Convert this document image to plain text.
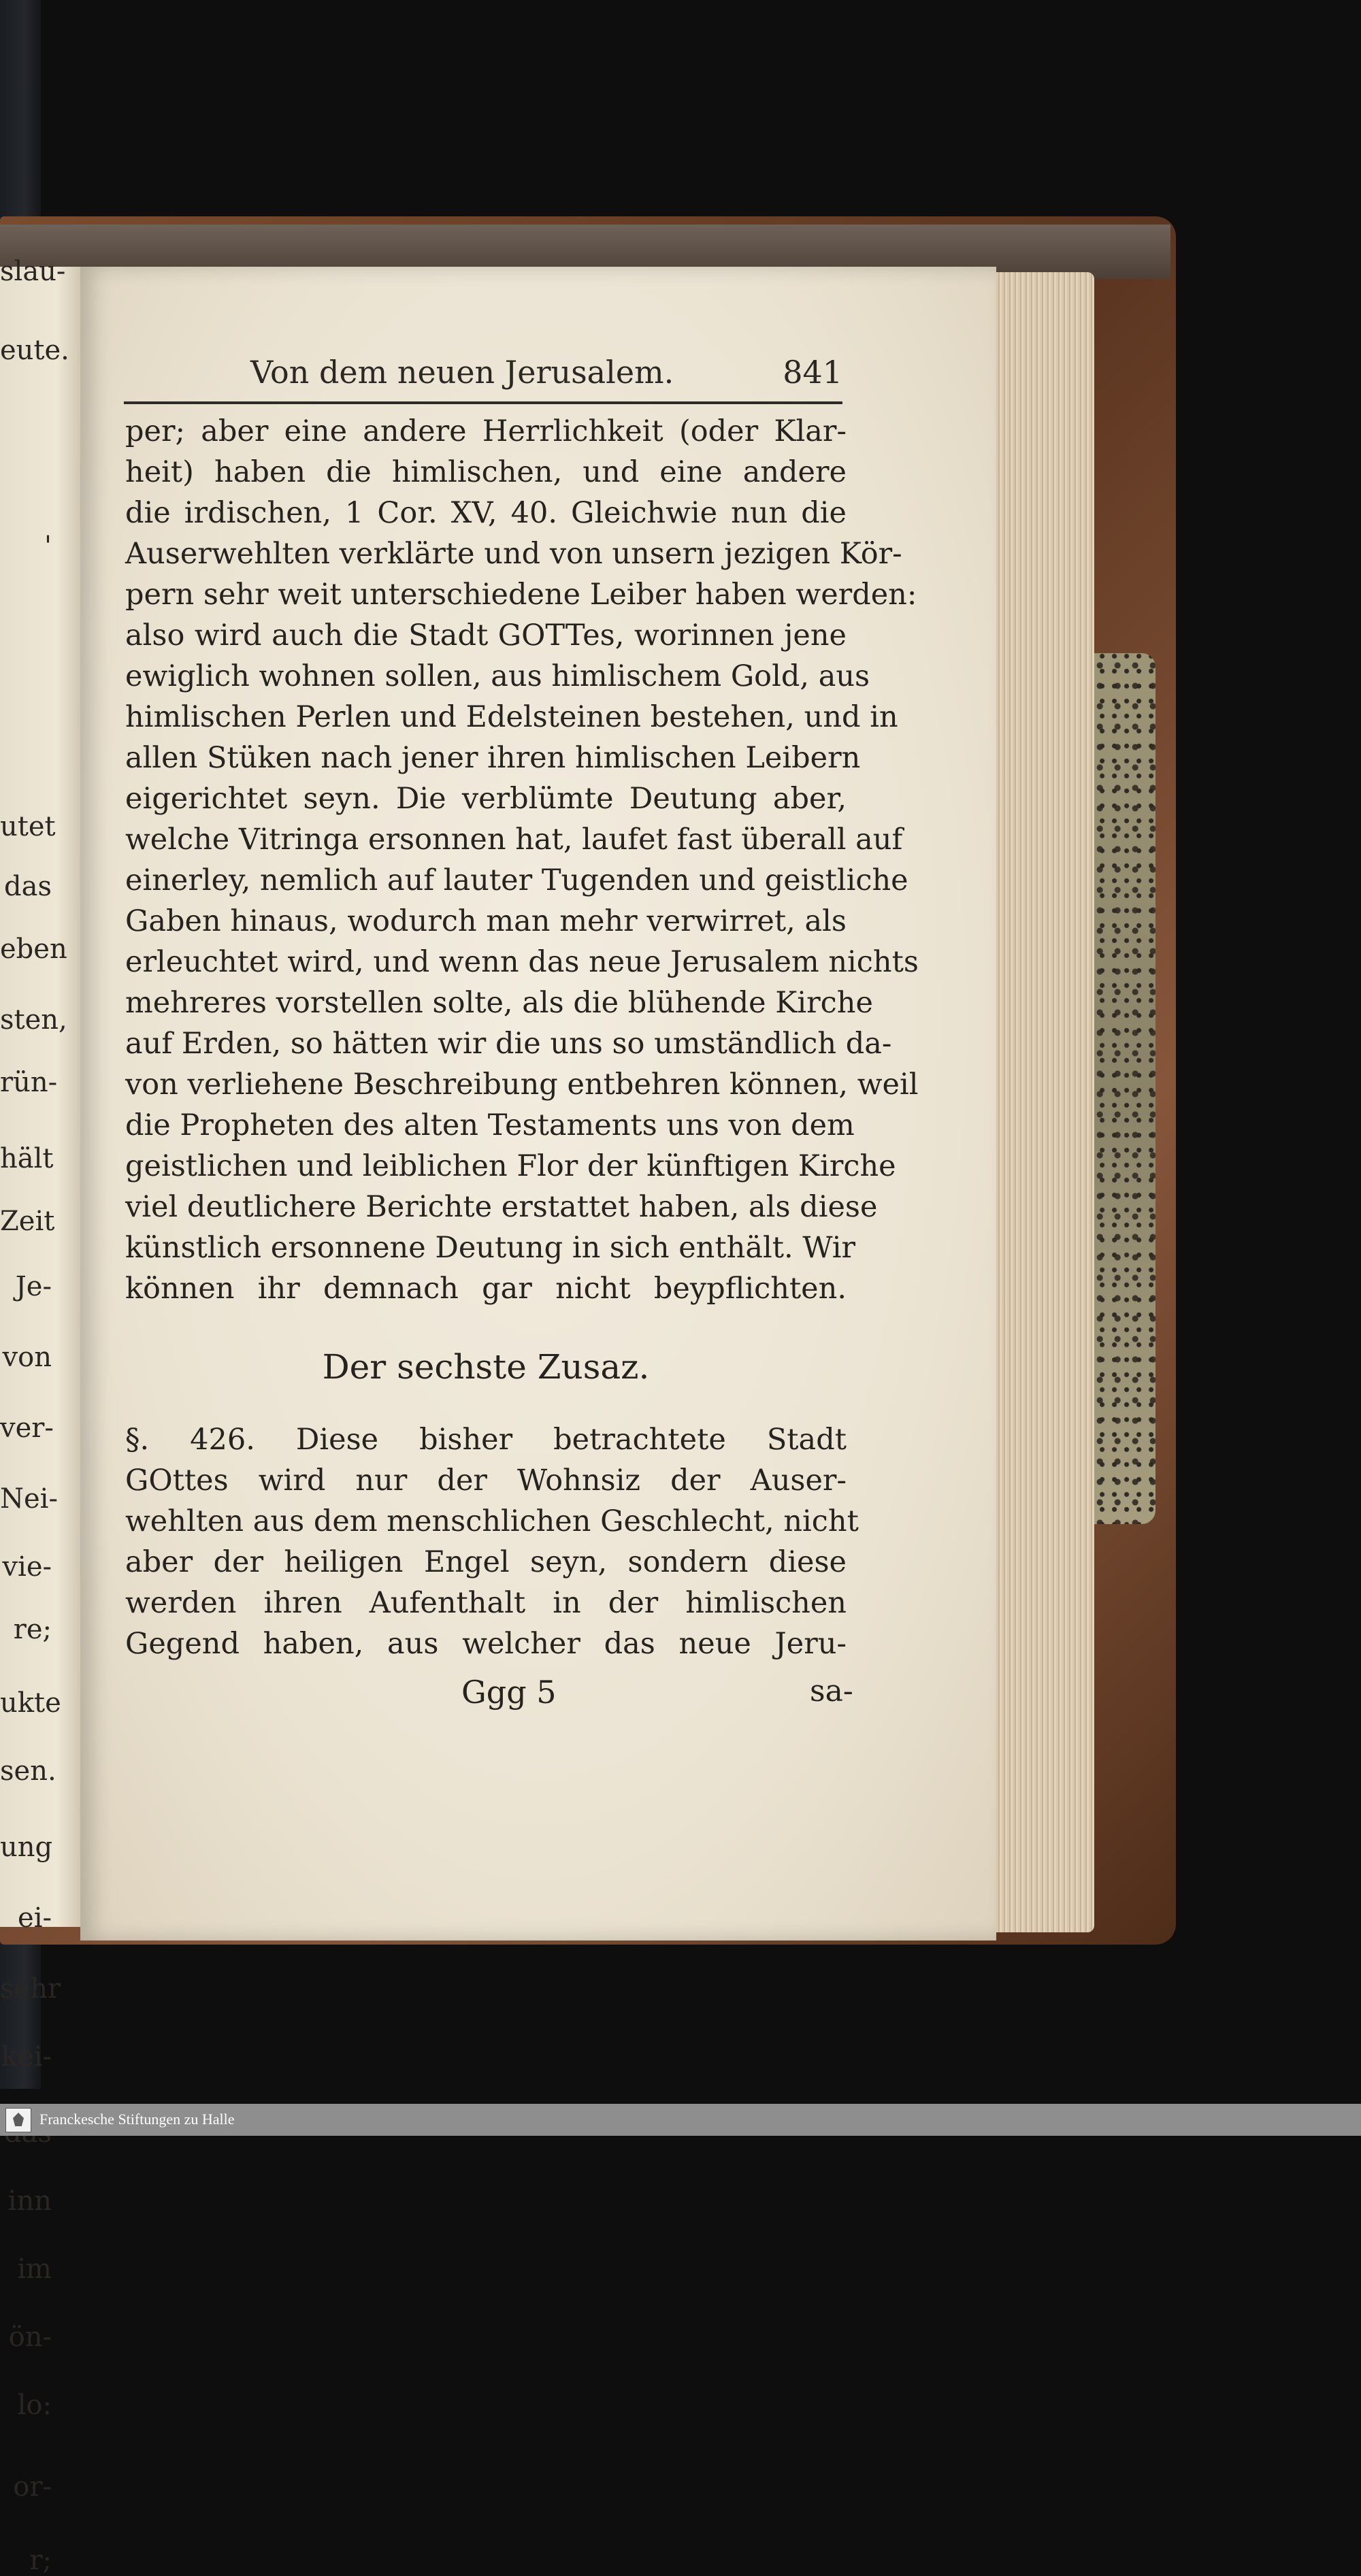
slau-
eute.
'
utet
das
eben
sten,
rün-
hält
Zeit
Je-
von
ver-
Nei-
vie-
re;
ukte
sen.
ung
ei-
sehr
kei-
inn
im
ön-
lo:
or-
r;
Von dem neuen Jerusalem.	841
per; aber eine andere Herrlichkeit (oder Klar-
heit) haben die himlischen, und eine andere
die irdischen, 1 Cor. XV, 40. Gleichwie nun die
Auserwehlten verklärte und von unsern jezigen Kör-
pern sehr weit unterschiedene Leiber haben werden:
also wird auch die Stadt GOTTes, worinnen jene
ewiglich wohnen sollen, aus himlischem Gold, aus
himlischen Perlen und Edelsteinen bestehen, und in
allen Stüken nach jener ihren himlischen Leibern
eigerichtet seyn. Die verblümte Deutung aber,
welche Vitringa ersonnen hat, laufet fast überall auf
einerley, nemlich auf lauter Tugenden und geistliche
Gaben hinaus, wodurch man mehr verwirret, als
erleuchtet wird, und wenn das neue Jerusalem nichts
mehreres vorstellen solte, als die blühende Kirche
auf Erden, so hätten wir die uns so umständlich da-
von verliehene Beschreibung entbehren können, weil
die Propheten des alten Testaments uns von dem
geistlichen und leiblichen Flor der künftigen Kirche
viel deutlichere Berichte erstattet haben, als diese
künstlich ersonnene Deutung in sich enthält. Wir
können ihr demnach gar nicht beypflichten.
Der sechste Zusaz.
§. 426. Diese bisher betrachtete Stadt
GOttes wird nur der Wohnsiz der Auser-
wehlten aus dem menschlichen Geschlecht, nicht
aber der heiligen Engel seyn, sondern diese
werden ihren Aufenthalt in der himlischen
Gegend haben, aus welcher das neue Jeru-
Ggg 5	sa-
Franckesche Stiftungen zu Halle
